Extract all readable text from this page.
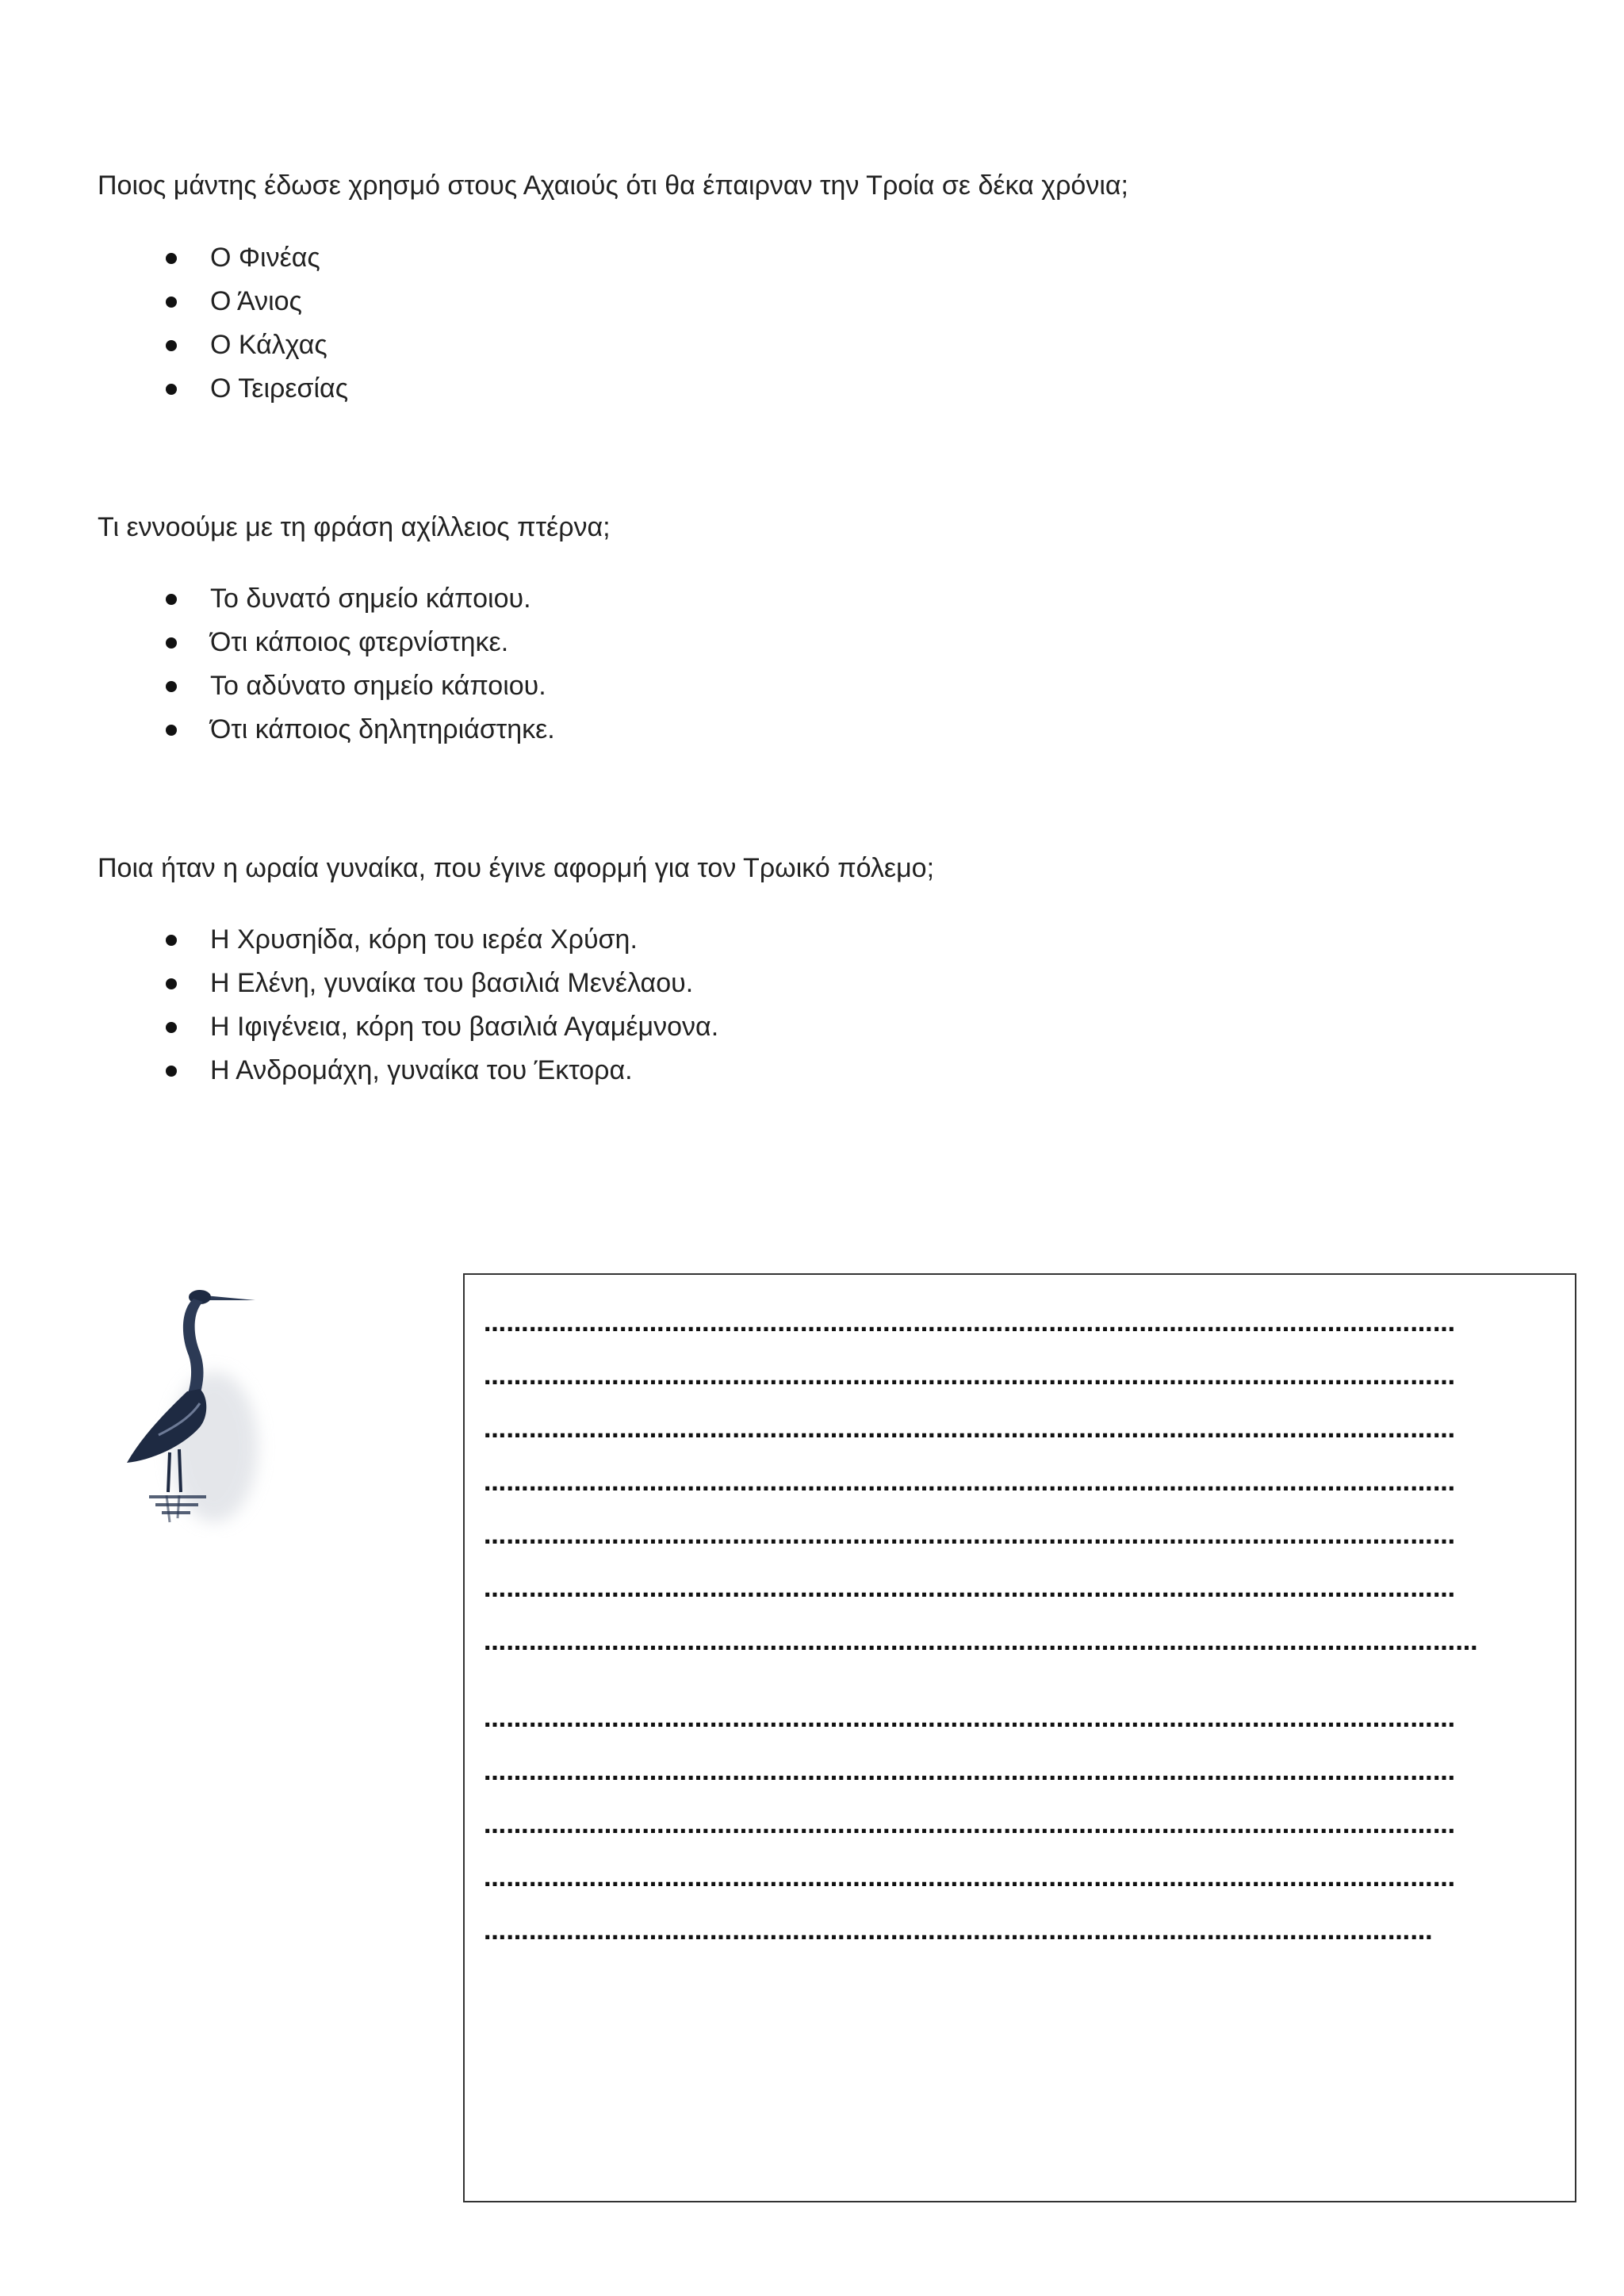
Ποιος μάντης έδωσε χρησμό στους Αχαιούς ότι θα έπαιρναν την Τροία σε δέκα χρόνια;

Ο Φινέας
Ο Άνιος
Ο Κάλχας
Ο Τειρεσίας

Τι εννοούμε με τη φράση αχίλλειος πτέρνα;

Το δυνατό σημείο κάποιου.
Ότι κάποιος φτερνίστηκε.
Το αδύνατο σημείο κάποιου.
Ότι κάποιος δηλητηριάστηκε.

Ποια ήταν η ωραία γυναίκα, που έγινε αφορμή για τον Τρωικό πόλεμο;

Η Χρυσηίδα, κόρη του ιερέα Χρύση.
Η Ελένη, γυναίκα του βασιλιά Μενέλαου.
Η Ιφιγένεια, κόρη του βασιλιά Αγαμέμνονα.
Η Ανδρομάχη, γυναίκα του Έκτορα.
…………………………………………………………………………………………………………………
…………………………………………………………………………………………………………………
…………………………………………………………………………………………………………………
…………………………………………………………………………………………………………………
…………………………………………………………………………………………………………………
…………………………………………………………………………………………………………………
……………………………………………………………………………………………………………………
…………………………………………………………………………………………………………………
…………………………………………………………………………………………………………………
…………………………………………………………………………………………………………………
…………………………………………………………………………………………………………………
………………………………………………………………………………………………………………
